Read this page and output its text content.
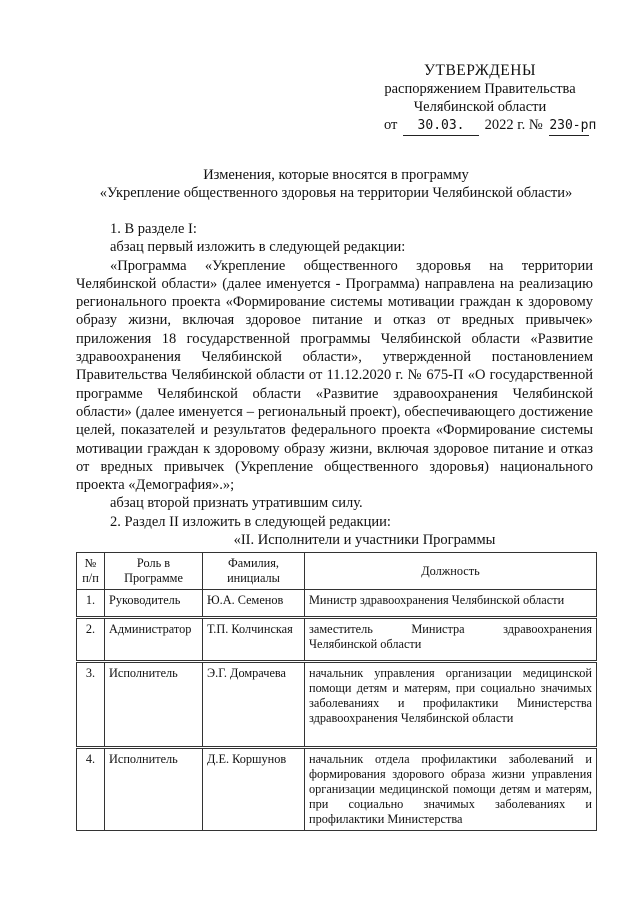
УТВЕРЖДЕНЫ
распоряжением Правительства
Челябинской области
от 30.03. 2022 г. № 230-рп
Изменения, которые вносятся в программу
«Укрепление общественного здоровья на территории Челябинской области»

1. В разделе I:

абзац первый изложить в следующей редакции:

«Программа «Укрепление общественного здоровья на территории Челябинской области» (далее именуется - Программа) направлена на реализацию регионального проекта «Формирование системы мотивации граждан к здоровому образу жизни, включая здоровое питание и отказ от вредных привычек» приложения 18 государственной программы Челябинской области «Развитие здравоохранения Челябинской области», утвержденной постановлением Правительства Челябинской области от 11.12.2020 г. № 675-П «О государственной программе Челябинской области «Развитие здравоохранения Челябинской области» (далее именуется – региональный проект), обеспечивающего достижение целей, показателей и результатов федерального проекта «Формирование системы мотивации граждан к здоровому образу жизни, включая здоровое питание и отказ от вредных привычек (Укрепление общественного здоровья) национального проекта «Демография».»;

абзац второй признать утратившим силу.

2. Раздел II изложить в следующей редакции:

«II. Исполнители и участники Программы

№ п/п	Роль в Программе	Фамилия, инициалы	Должность
1.	Руководитель	Ю.А. Семенов	Министр здравоохранения Челябинской области
2.	Администратор	Т.П. Колчинская	заместитель Министра здравоохранения Челябинской области
3.	Исполнитель	Э.Г. Домрачева	начальник управления организации медицинской помощи детям и матерям, при социально значимых заболеваниях и профилактики Министерства здравоохранения Челябинской области
4.	Исполнитель	Д.Е. Коршунов	начальник отдела профилактики заболеваний и формирования здорового образа жизни управления организации медицинской помощи детям и матерям, при социально значимых заболеваниях и профилактики Министерства
